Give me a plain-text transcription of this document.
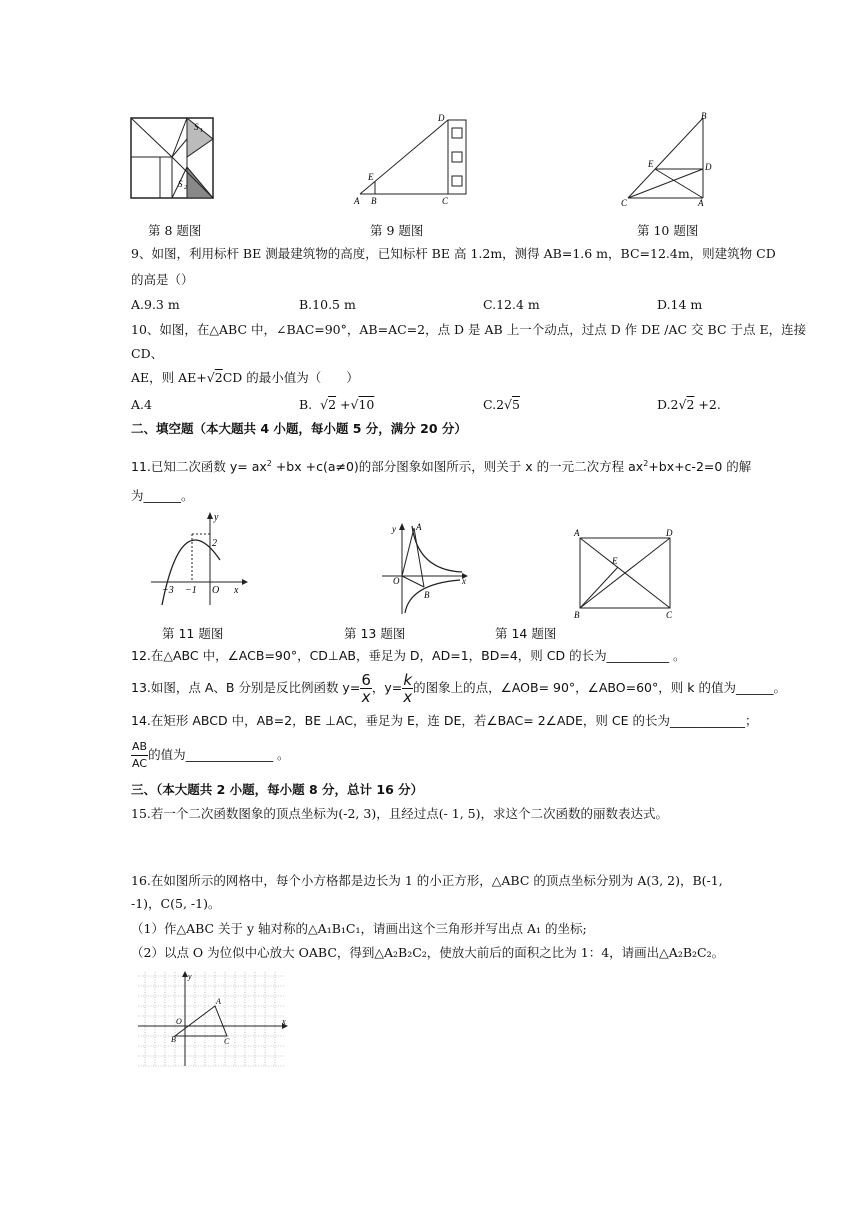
S 1
S 2
第 8 题图
D
E
A B	C
第 9 题图
B
E	D
C	A
第 10 题图
9、如图，利用标杆 BE 测最建筑物的高度，已知标杆 BE 高 1.2m，测得 AB=1.6 m，BC=12.4m，则建筑物 CD
的高是（）
A.9.3 m	B.10.5 m	C.12.4 m	D.14 m
10、如图，在△ABC 中，∠BAC=90°，AB=AC=2，点 D 是 AB 上一个动点，过点 D 作 DE /AC 交 BC 于点 E，连接
CD、
AE，则 AE+√2CD 的最小值为（　　）
A.4	B.  √2 +√10	C.2√5	D.2√2 +2.
二、填空题（本大题共 4 小题，每小题 5 分，满分 20 分）
11.已知二次函数 $y= ax^2 +bx +c(a\ne 0)$的部分图象如图所示，则关于 x 的一元二次方程 $ax^2+bx+c-2=0$ 的解
为______。
y
2
−3 −1 O x
第 11 题图
y A
O
B
x
第 13 题图
A	D
E
B	C
第 14 题图
12.在△ABC 中，∠ACB=90°，CD⊥AB，垂足为 D，AD=1，BD=4，则 CD 的长为__________ 。
13.如图，点 A、B 分别是反比例函数 $y= \frac{6}{x}$ ，$y= \frac{k}{x}$ 的图象上的点，∠AOB= 90°，∠ABO=60°，则 k 的值为______。
14.在矩形 ABCD 中，AB=2，BE ⊥AC，垂足为 E，连 DE，若∠BAC= 2∠ADE，则 CE 的长为____________；
$\frac{AB}{AC}$ 的值为______________ 。
三、（本大题共 2 小题，每小题 8 分，总计 16 分）
15.若一个二次函数图象的顶点坐标为(-2, 3)，且经过点(- 1, 5)，求这个二次函数的丽数表达式。
16.在如图所示的网格中，每个小方格都是边长为 1 的小正方形，△ABC 的顶点坐标分别为 A(3, 2)，B(-1,
-1)，C(5, -1)。
（1）作△ABC 关于 y 轴对称的△A₁B₁C₁，请画出这个三角形并写出点 A₁ 的坐标;
（2）以点 O 为位似中心放大 OABC，得到△A₂B₂C₂，使放大前后的面积之比为 1：4，请画出△A₂B₂C₂。
y
A
O
B	C
x
